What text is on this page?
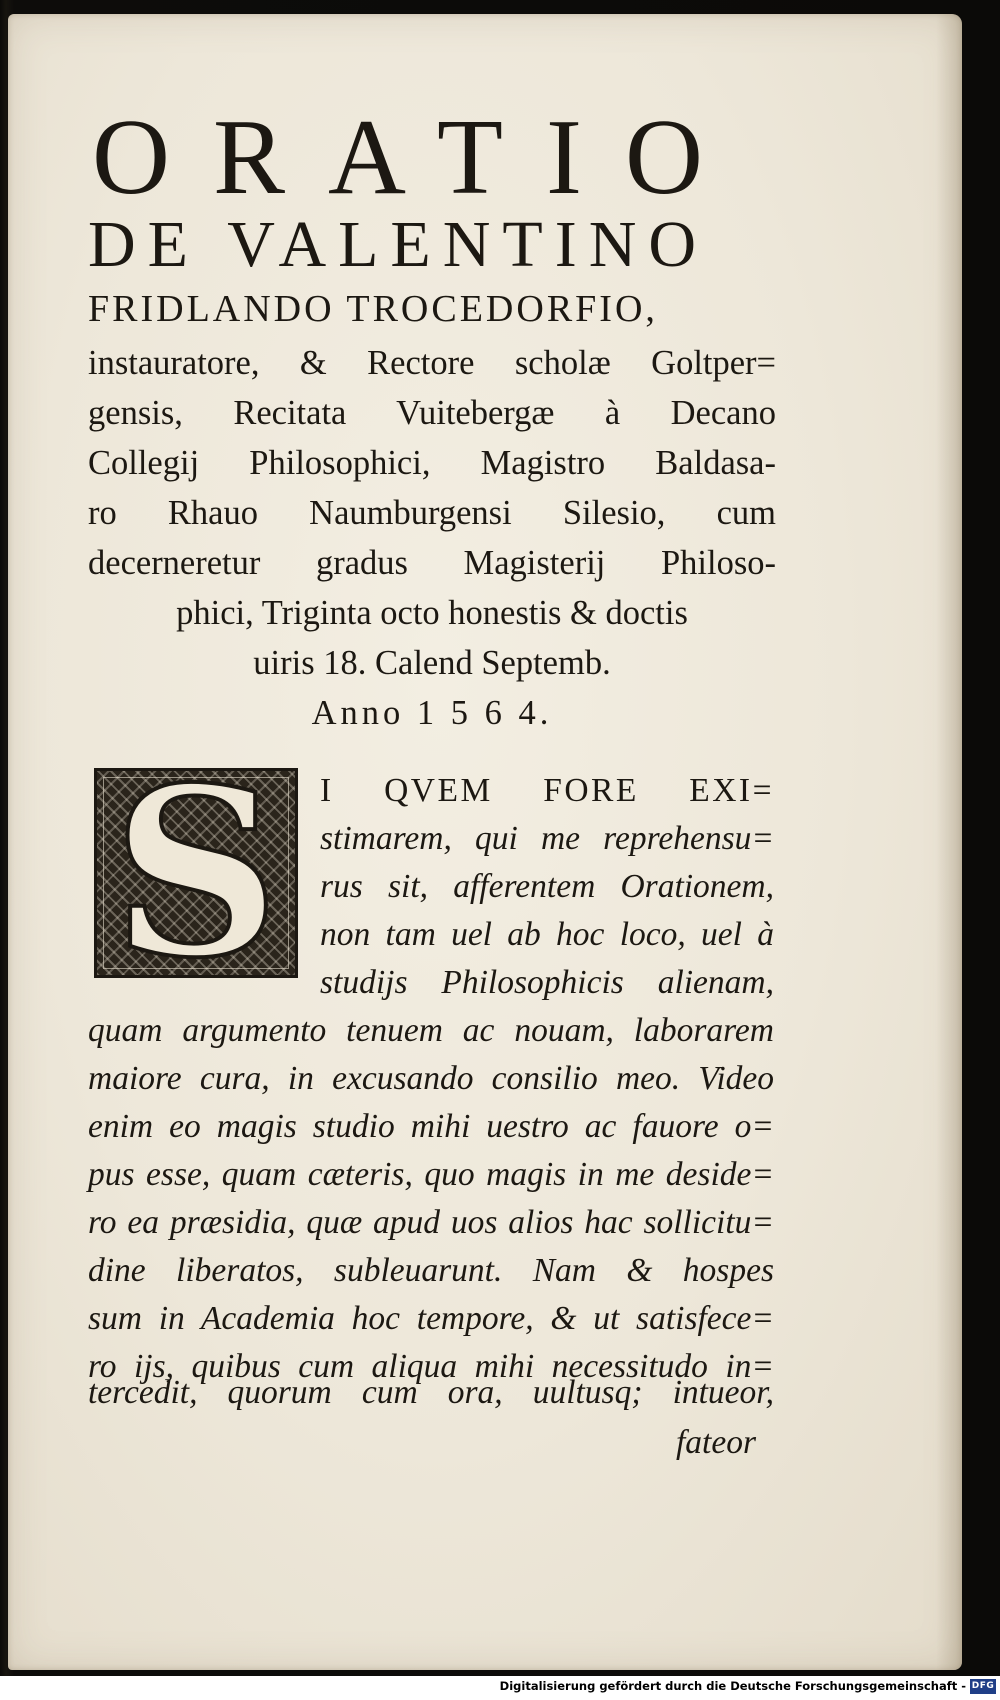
ORATIO
DE VALENTINO
FRIDLANDO TROCEDORFIO,
instauratore, & Rectore scholæ Goltper=
gensis, Recitata Vuitebergæ à Decano
Collegij Philosophici, Magistro Baldasa-
ro Rhauo Naumburgensi Silesio, cum
decerneretur gradus Magisterij Philoso-
phici, Triginta octo honestis & doctis
uiris 18. Calend Septemb.
Anno 1 5 6 4.
S	I QVEM FORE EXI=
stimarem, qui me reprehensu=
rus sit, afferentem Orationem,
non tam uel ab hoc loco, uel à
studijs Philosophicis alienam,
quam argumento tenuem ac nouam, laborarem
maiore cura, in excusando consilio meo. Video
enim eo magis studio mihi uestro ac fauore o=
pus esse, quam cæteris, quo magis in me deside=
ro ea præsidia, quæ apud uos alios hac sollicitu=
dine liberatos, subleuarunt. Nam & hospes
sum in Academia hoc tempore, & ut satisfece=
ro ijs, quibus cum aliqua mihi necessitudo in=
tercedit, quorum cum ora, uultusq; intueor,
fateor
Digitalisierung gefördert durch die Deutsche Forschungsgemeinschaft - DFG
